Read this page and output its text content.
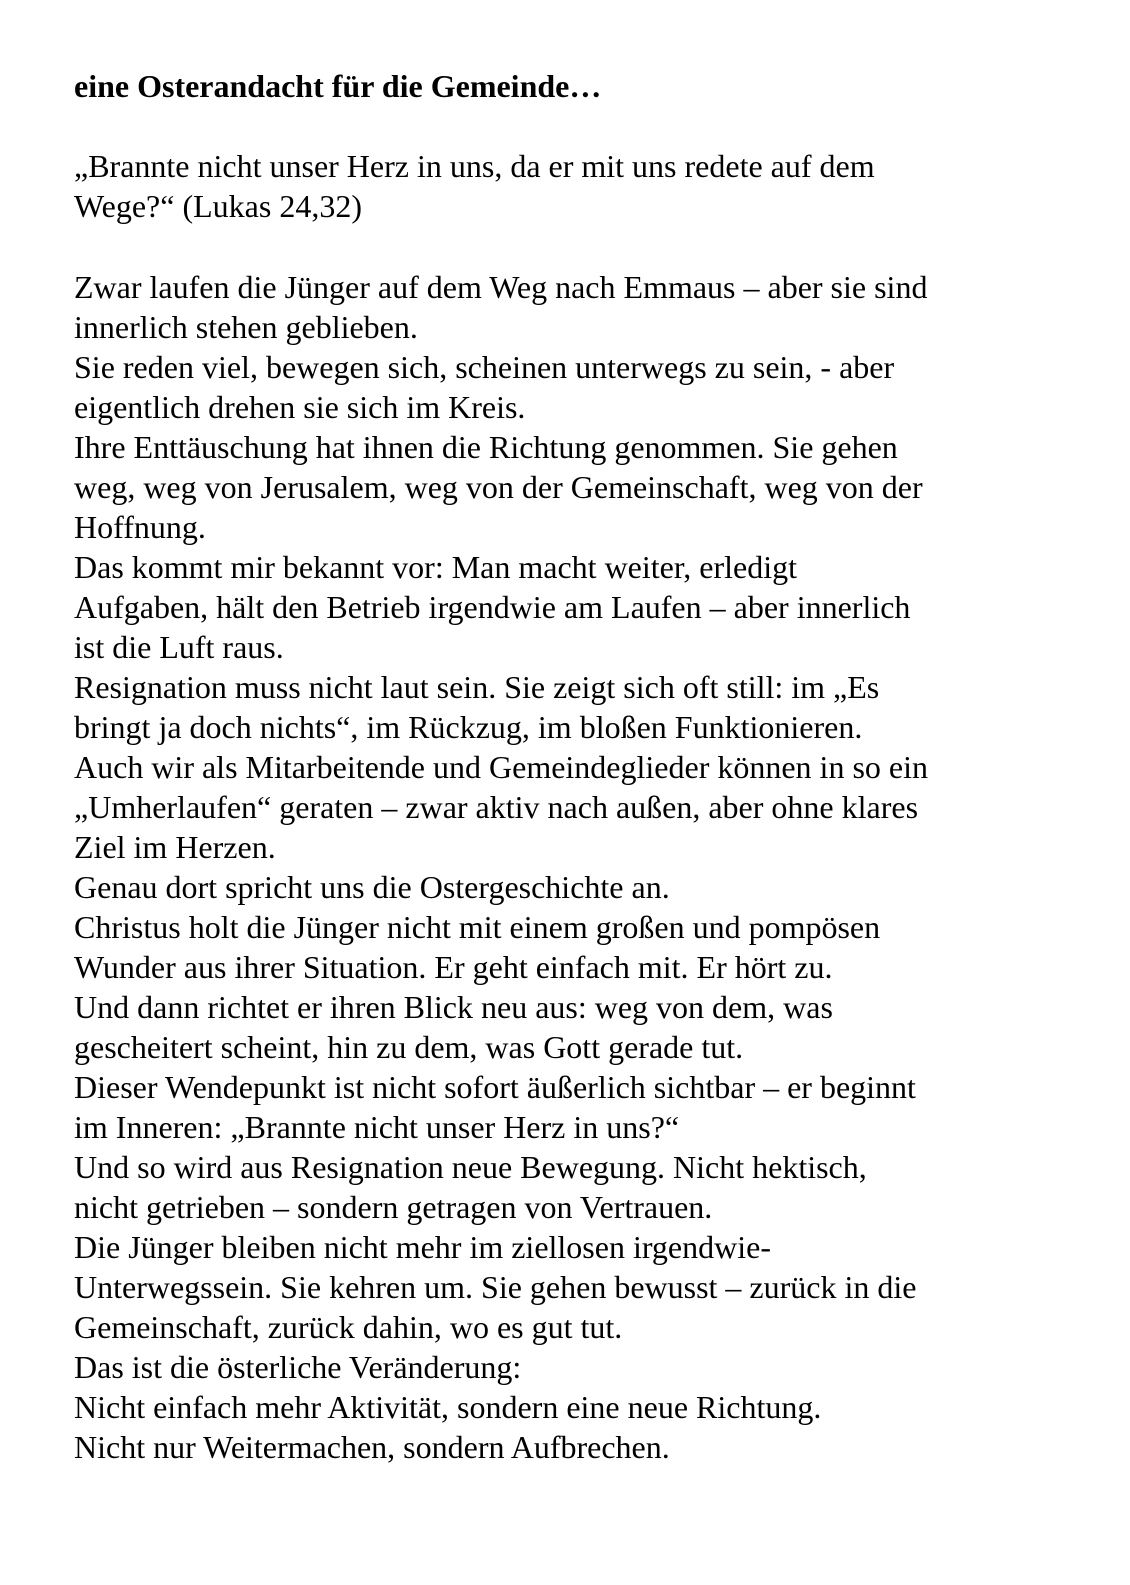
eine Osterandacht für die Gemeinde…
„Brannte nicht unser Herz in uns, da er mit uns redete auf dem
Wege?“ (Lukas 24,32)
Zwar laufen die Jünger auf dem Weg nach Emmaus – aber sie sind
innerlich stehen geblieben.
Sie reden viel, bewegen sich, scheinen unterwegs zu sein, - aber
eigentlich drehen sie sich im Kreis.
Ihre Enttäuschung hat ihnen die Richtung genommen. Sie gehen
weg, weg von Jerusalem, weg von der Gemeinschaft, weg von der
Hoffnung.
Das kommt mir bekannt vor: Man macht weiter, erledigt
Aufgaben, hält den Betrieb irgendwie am Laufen – aber innerlich
ist die Luft raus.
Resignation muss nicht laut sein. Sie zeigt sich oft still: im „Es
bringt ja doch nichts“, im Rückzug, im bloßen Funktionieren.
Auch wir als Mitarbeitende und Gemeindeglieder können in so ein
„Umherlaufen“ geraten – zwar aktiv nach außen, aber ohne klares
Ziel im Herzen.
Genau dort spricht uns die Ostergeschichte an.
Christus holt die Jünger nicht mit einem großen und pompösen
Wunder aus ihrer Situation. Er geht einfach mit. Er hört zu.
Und dann richtet er ihren Blick neu aus: weg von dem, was
gescheitert scheint, hin zu dem, was Gott gerade tut.
Dieser Wendepunkt ist nicht sofort äußerlich sichtbar – er beginnt
im Inneren: „Brannte nicht unser Herz in uns?“
Und so wird aus Resignation neue Bewegung. Nicht hektisch,
nicht getrieben – sondern getragen von Vertrauen.
Die Jünger bleiben nicht mehr im ziellosen irgendwie-
Unterwegssein. Sie kehren um. Sie gehen bewusst – zurück in die
Gemeinschaft, zurück dahin, wo es gut tut.
Das ist die österliche Veränderung:
Nicht einfach mehr Aktivität, sondern eine neue Richtung.
Nicht nur Weitermachen, sondern Aufbrechen.
